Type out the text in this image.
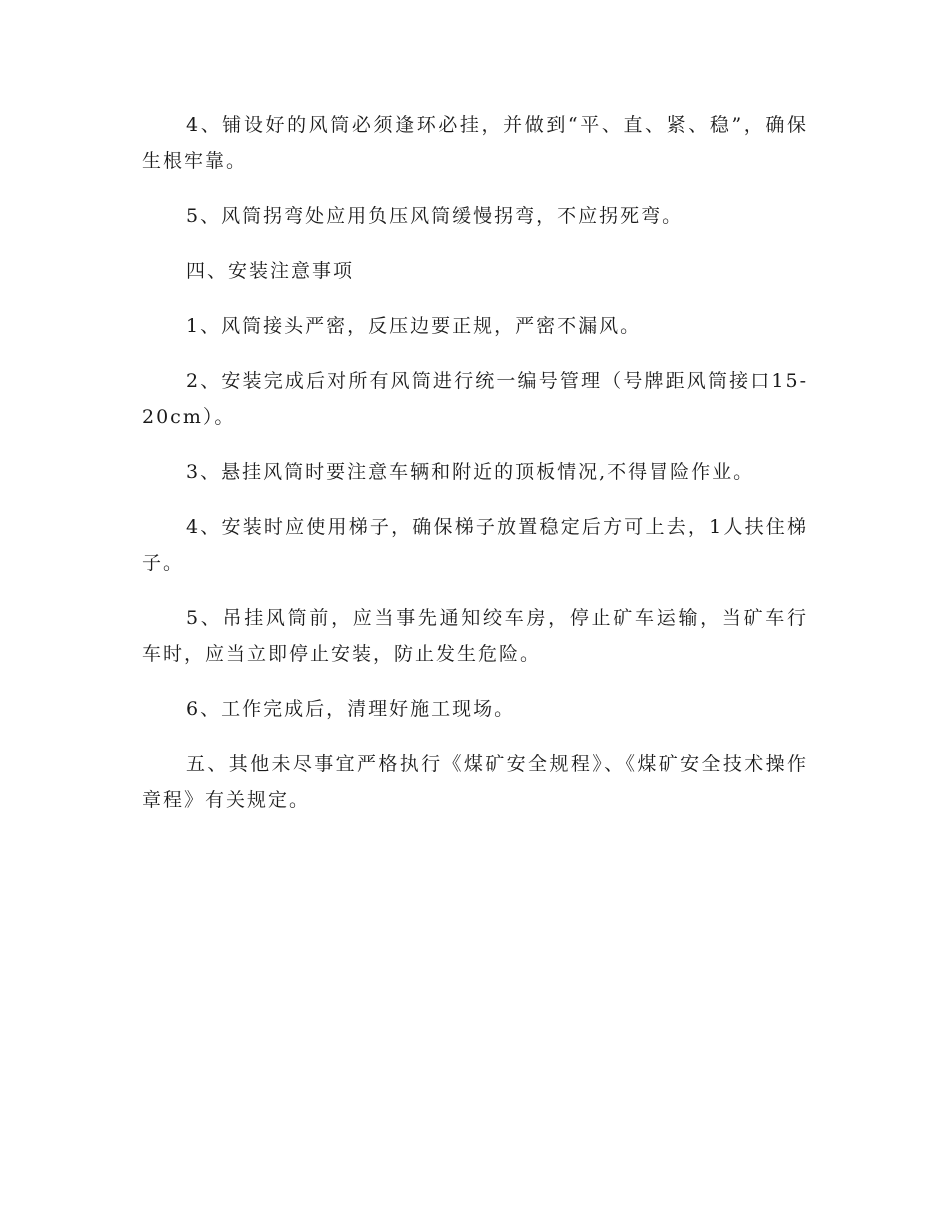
4、铺设好的风筒必须逢环必挂，并做到“平、直、紧、稳”，确保生根牢靠。

5、风筒拐弯处应用负压风筒缓慢拐弯，不应拐死弯。

四、安装注意事项

1、风筒接头严密，反压边要正规，严密不漏风。

2、安装完成后对所有风筒进行统一编号管理（号牌距风筒接口15-20cm）。

3、悬挂风筒时要注意车辆和附近的顶板情况,不得冒险作业。

4、安装时应使用梯子，确保梯子放置稳定后方可上去，1人扶住梯子。

5、吊挂风筒前，应当事先通知绞车房，停止矿车运输，当矿车行车时，应当立即停止安装，防止发生危险。

6、工作完成后，清理好施工现场。

五、其他未尽事宜严格执行《煤矿安全规程》、《煤矿安全技术操作章程》有关规定。
